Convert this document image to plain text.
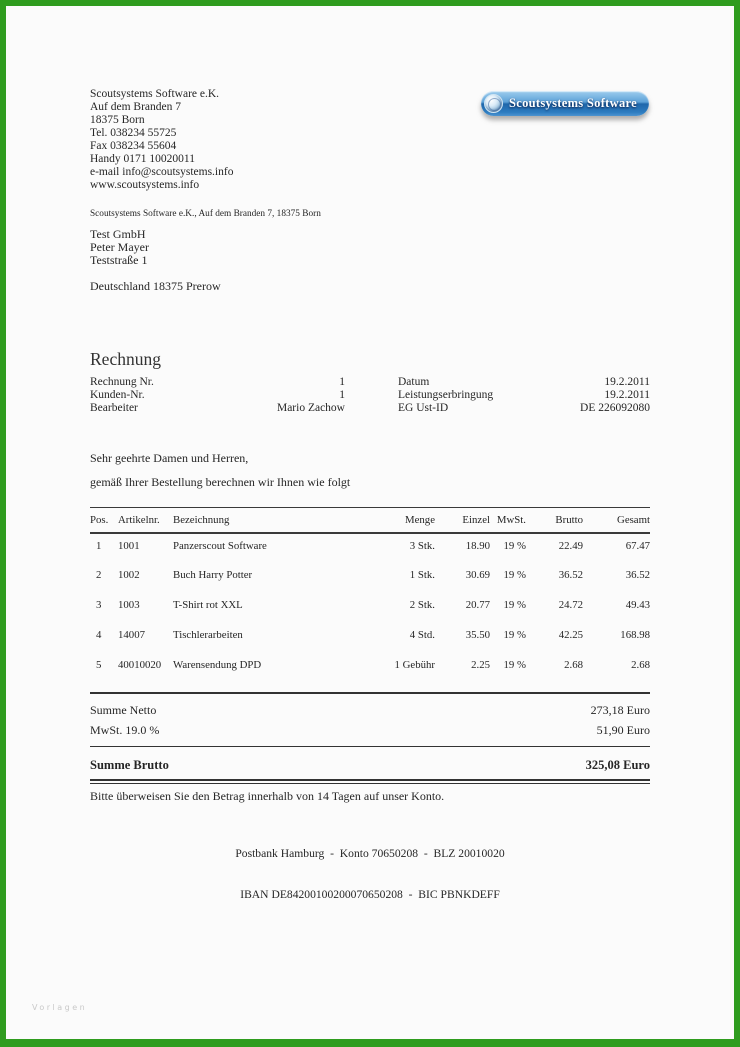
Scoutsystems Software e.K.
Auf dem Branden 7
18375 Born
Tel. 038234 55725
Fax 038234 55604
Handy 0171 10020011
e-mail info@scoutsystems.info
www.scoutsystems.info
Scoutsystems Software
Scoutsystems Software e.K., Auf dem Branden 7, 18375 Born
Test GmbH
Peter Mayer
Teststraße 1
Deutschland 18375 Prerow
Rechnung
Rechnung Nr.	1
Kunden-Nr.	1
Bearbeiter	Mario Zachow
Datum	19.2.2011
Leistungserbringung	19.2.2011
EG Ust-ID	DE 226092080
Sehr geehrte Damen und Herren,
gemäß Ihrer Bestellung berechnen wir Ihnen wie folgt
Pos.	Artikelnr.	Bezeichnung	Menge	Einzel	MwSt.	Brutto	Gesamt
1	1001	Panzerscout Software	3 Stk.	18.90	19 %	22.49	67.47
2	1002	Buch Harry Potter	1 Stk.	30.69	19 %	36.52	36.52
3	1003	T-Shirt rot XXL	2 Stk.	20.77	19 %	24.72	49.43
4	14007	Tischlerarbeiten	4 Std.	35.50	19 %	42.25	168.98
5	40010020	Warensendung DPD	1 Gebühr	2.25	19 %	2.68	2.68
Summe Netto	273,18 Euro
MwSt. 19.0 %	51,90 Euro
Summe Brutto	325,08 Euro
Bitte überweisen Sie den Betrag innerhalb von 14 Tagen auf unser Konto.

Postbank Hamburg  -  Konto 70650208  -  BLZ 20010020

IBAN DE84200100200070650208  -  BIC PBNKDEFF

Vorlagen
